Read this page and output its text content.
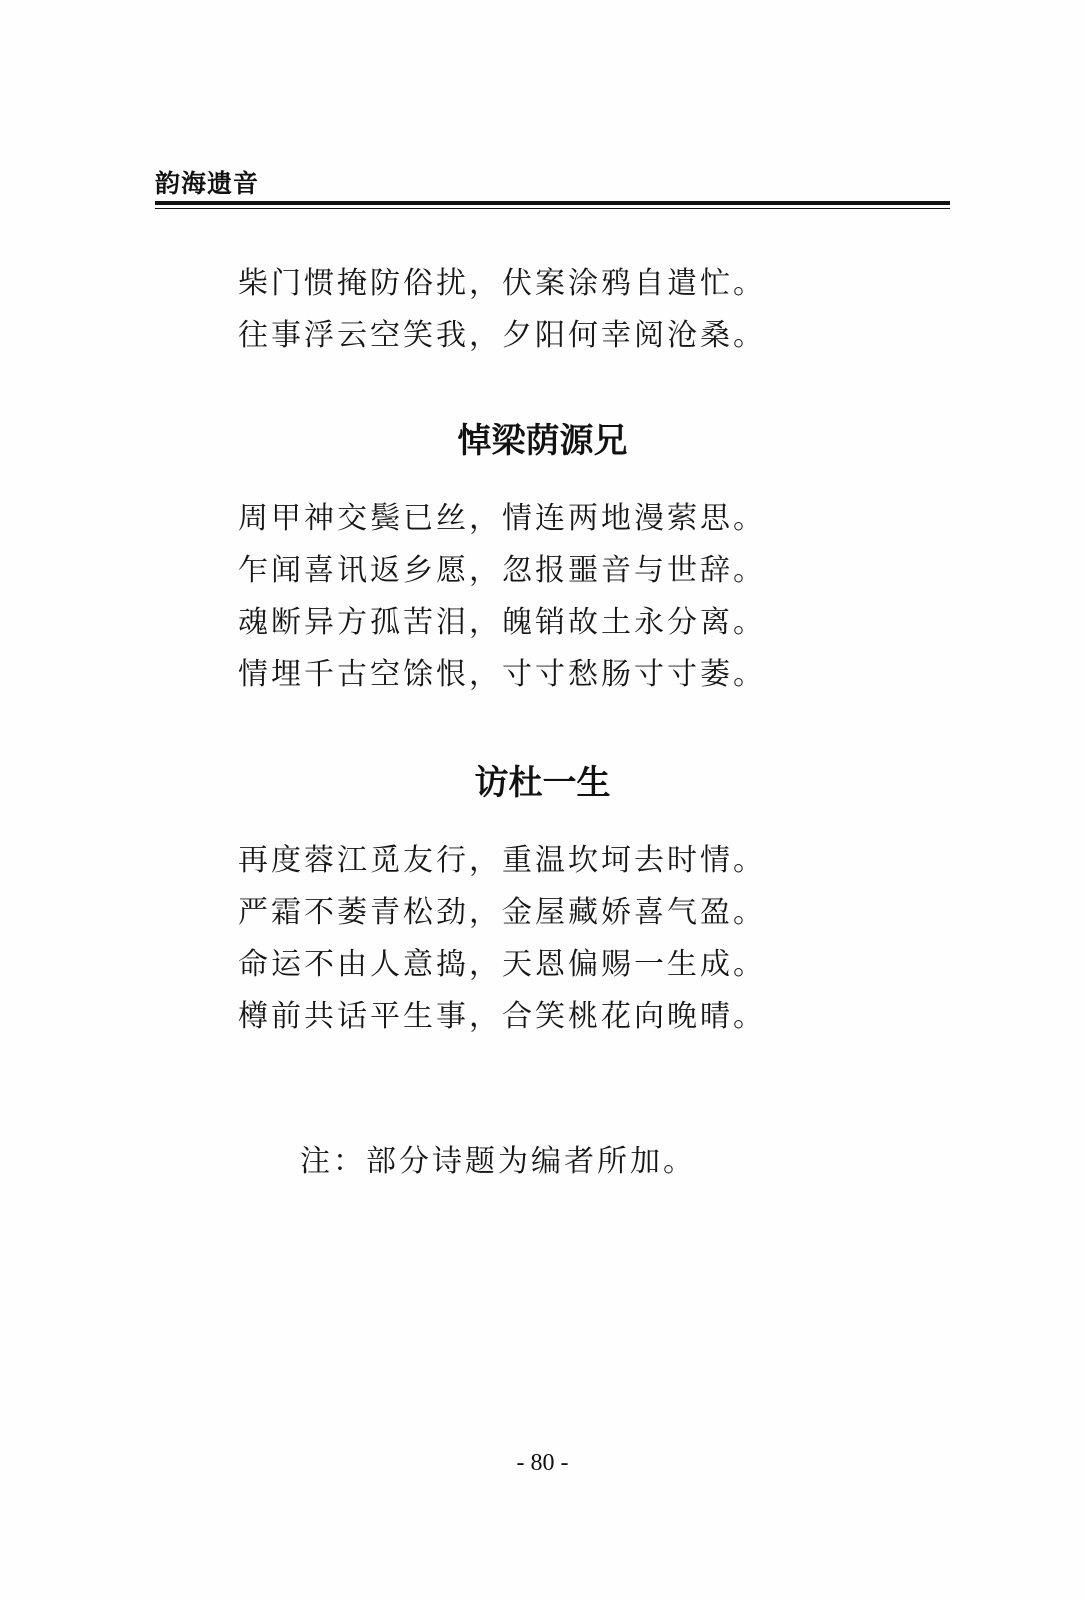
韵海遗音
柴门惯掩防俗扰，伏案涂鸦自遣忙。
往事浮云空笑我，夕阳何幸阅沧桑。
悼梁荫源兄
周甲神交鬓已丝，情连两地漫萦思。
乍闻喜讯返乡愿，忽报噩音与世辞。
魂断异方孤苦泪，魄销故土永分离。
情埋千古空馀恨，寸寸愁肠寸寸萎。
访杜一生
再度蓉江觅友行，重温坎坷去时情。
严霜不萎青松劲，金屋藏娇喜气盈。
命运不由人意捣，天恩偏赐一生成。
樽前共话平生事，合笑桃花向晚晴。
注：部分诗题为编者所加。
- 80 -
